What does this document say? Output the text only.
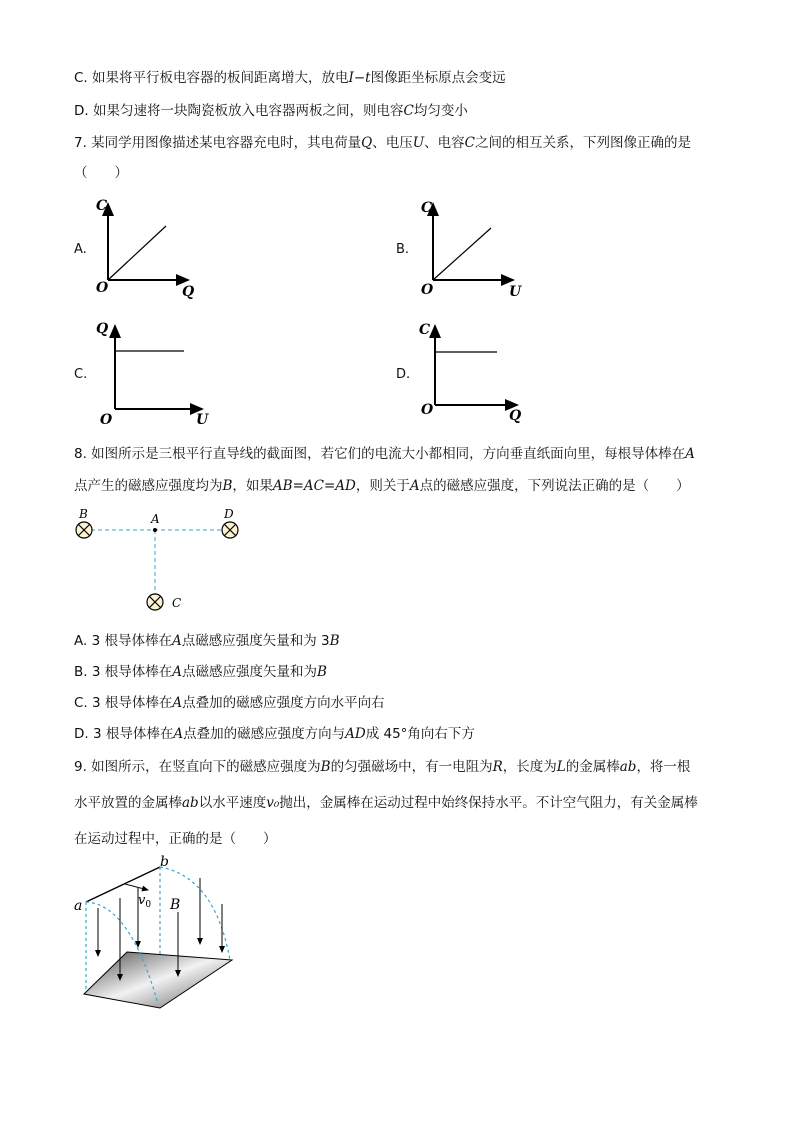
C. 如果将平行板电容器的板间距离增大，放电I−t图像距坐标原点会变远
D. 如果匀速将一块陶瓷板放入电容器两板之间，则电容C均匀变小
7. 某同学用图像描述某电容器充电时，其电荷量Q、电压U、电容C之间的相互关系，下列图像正确的是
（　　）
A.
C
Q
O
B.
C
U
O
C.
Q
U
O
D.
C
Q
O
8. 如图所示是三根平行直导线的截面图，若它们的电流大小都相同，方向垂直纸面向里，每根导体棒在A
点产生的磁感应强度均为B，如果AB=AC=AD，则关于A点的磁感应强度，下列说法正确的是（　　）
B	A	D
C
A. 3 根导体棒在A点磁感应强度矢量和为 3B
B. 3 根导体棒在A点磁感应强度矢量和为B
C. 3 根导体棒在A点叠加的磁感应强度方向水平向右
D. 3 根导体棒在A点叠加的磁感应强度方向与AD成 45°角向右下方
9. 如图所示，在竖直向下的磁感应强度为B的匀强磁场中，有一电阻为R，长度为L的金属棒ab，将一根
水平放置的金属棒ab以水平速度v₀抛出，金属棒在运动过程中始终保持水平。不计空气阻力，有关金属棒
在运动过程中，正确的是（　　）
a
b
$v_0$ B
